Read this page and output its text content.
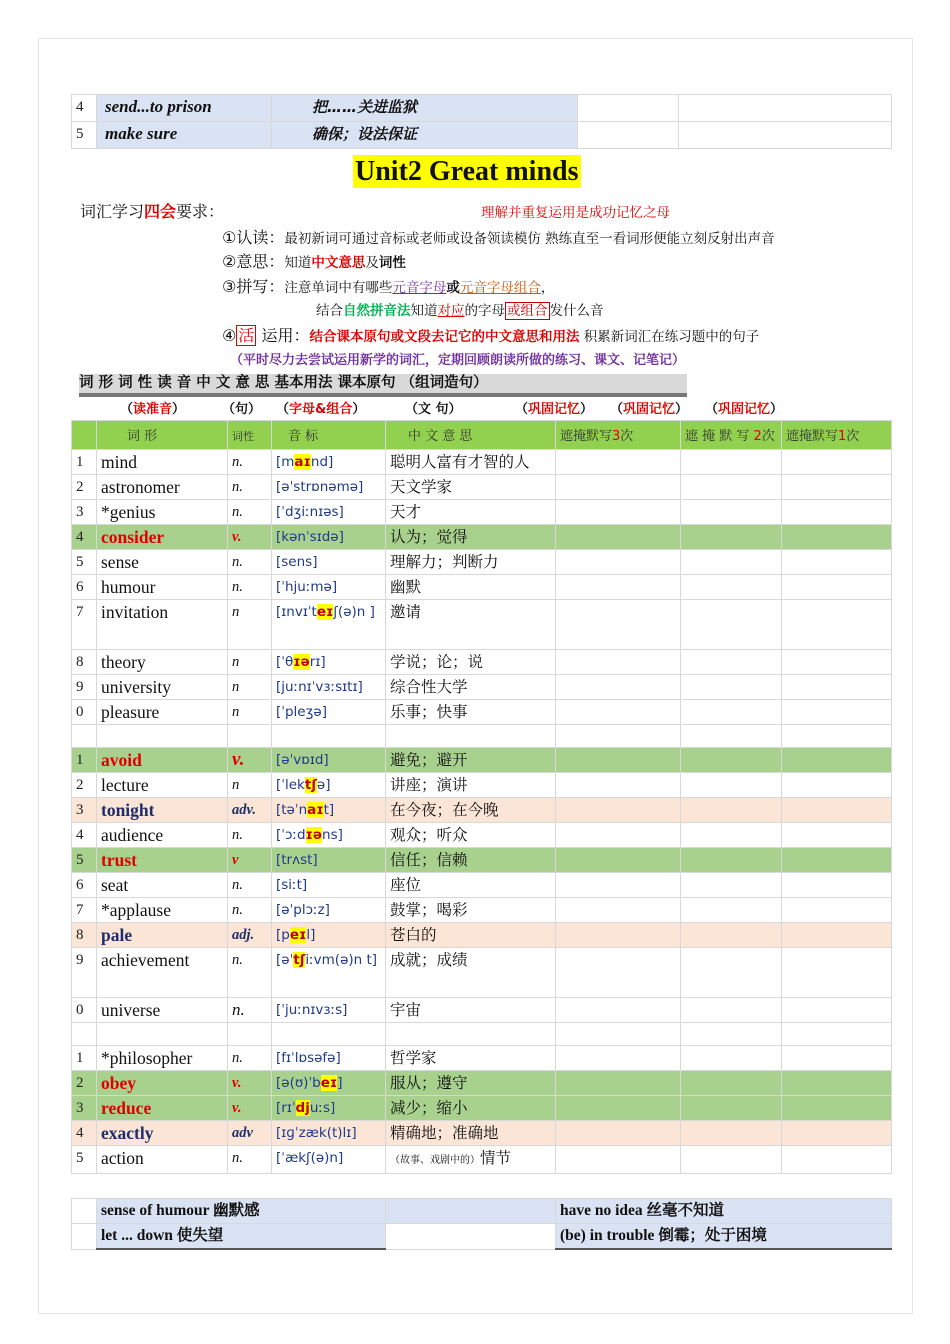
4	send...to prison	把……关进监狱		
5	make sure	确保；设法保证		
Unit2 Great minds
词汇学习四会要求：	理解并重复运用是成功记忆之母
①认读：最初新词可通过音标或老师或设备领读模仿 熟练直至一看词形便能立刻反射出声音
②意思：知道中文意思及词性
③拼写：注意单词中有哪些元音字母或元音字母组合，
结合自然拼音法知道对应的字母 或组合 发什么音
④ 活 运用：结合课本原句或文段去记它的中文意思和用法 积累新词汇在练习题中的句子
（平时尽力去尝试运用新学的词汇，定期回顾朗读所做的练习、课文、记笔记）
词 形 词 性 读 音 中 文 意 思 基本用法 课本原句 （组词造句）
（读准音）	（句） （字母&组合）	（文 句）	（巩固记忆） （巩固记忆） （巩固记忆）
	词 形	词性	音 标	中 文 意 思	遮掩默写3次	遮 掩 默 写 2次	遮掩默写1次
1	mind	n.	[maɪnd]	聪明人富有才智的人			
2	astronomer	n.	[əˈstrɒnəmə]	天文学家			
3	*genius	n.	[ˈdʒiːnɪəs]	天才			
4	consider	v.	[kənˈsɪdə]	认为；觉得			
5	sense	n.	[sens]	理解力；判断力			
6	humour	n.	[ˈhjuːmə]	幽默			
7	invitation	n	[ɪnvɪˈteɪʃ(ə)n ]	邀请			
8	theory	n	[ˈθɪərɪ]	学说；论；说			
9	university	n	[juːnɪˈvɜːsɪtɪ]	综合性大学			
0	pleasure	n	[ˈpleʒə]	乐事；快事			

1	avoid	v.	[əˈvɒɪd]	避免；避开			
2	lecture	n	[ˈlektʃə]	讲座；演讲			
3	tonight	adv.	[təˈnaɪt]	在今夜；在今晚			
4	audience	n.	[ˈɔːdɪəns]	观众；听众			
5	trust	v	[trʌst]	信任；信赖			
6	seat	n.	[siːt]	座位			
7	*applause	n.	[əˈplɔːz]	鼓掌；喝彩			
8	pale	adj.	[peɪl]	苍白的			
9	achievement	n.	[əˈtʃiːvm(ə)n t]	成就；成绩			
0	universe	n.	[ˈjuːnɪvɜːs]	宇宙			

1	*philosopher	n.	[fɪˈlɒsəfə]	哲学家			
2	obey	v.	[ə(ʊ)ˈbeɪ]	服从；遵守			
3	reduce	v.	[rɪˈdjuːs]	减少；缩小			
4	exactly	adv	[ɪɡˈzæk(t)lɪ]	精确地；准确地			
5	action	n.	[ˈækʃ(ə)n]	（故事、戏剧中的）情节			
	sense of humour 幽默感		have no idea 丝毫不知道
	let ... down 使失望		(be) in trouble 倒霉；处于困境
